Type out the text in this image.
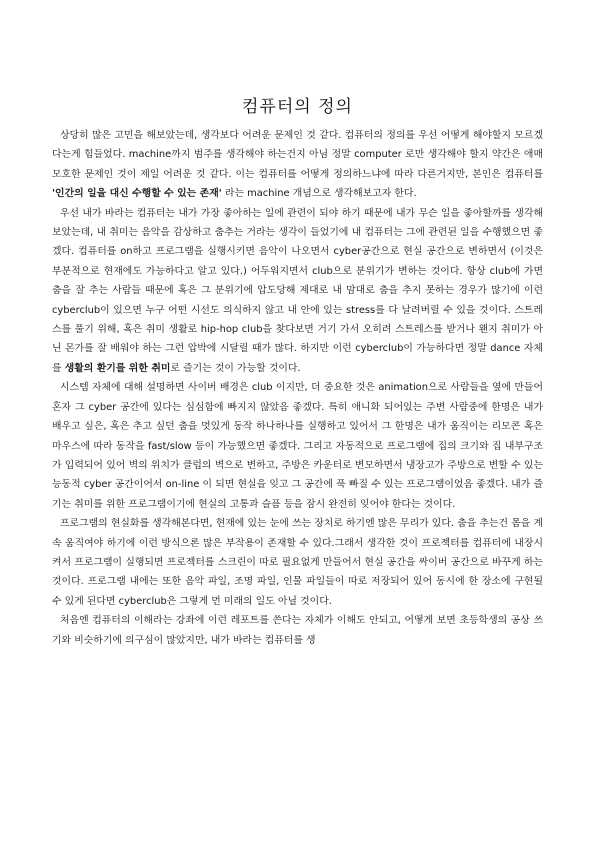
컴퓨터의 정의

상당히 많은 고민을 해보았는데, 생각보다 어려운 문제인 것 같다. 컴퓨터의 정의를 우선 어떻게 해야할지 모르겠다는게 힘들었다. machine까지 범주를 생각해야 하는건지 아님 정말 computer 로만 생각해야 할지 약간은 애매모호한 문제인 것이 제일 어려운 것 같다. 이는 컴퓨터를 어떻게 정의하느냐에 따라 다른거지만, 본인은 컴퓨터를 '인간의 일을 대신 수행할 수 있는 존재' 라는 machine 개념으로 생각해보고자 한다.

우선 내가 바라는 컴퓨터는 내가 가장 좋아하는 일에 관련이 되야 하기 때문에 내가 무슨 일을 좋아할까를 생각해보았는데, 내 취미는 음악을 감상하고 춤추는 거라는 생각이 들었기에 내 컴퓨터는 그에 관련된 일을 수행했으면 좋겠다. 컴퓨터를 on하고 프로그램을 실행시키면 음악이 나오면서 cyber공간으로 현실 공간으로 변하면서 (이것은 부분적으로 현재에도 가능하다고 알고 있다.) 어두워지면서 club으로 분위기가 변하는 것이다. 항상 club에 가면 춤을 잘 추는 사람들 때문에 혹은 그 분위기에 압도당해 제대로 내 맘대로 춤을 추지 못하는 경우가 많기에 이런 cyberclub이 있으면 누구 어떤 시선도 의식하지 않고 내 안에 있는 stress를 다 날려버릴 수 있을 것이다. 스트레스를 풀기 위해, 혹은 취미 생활로 hip-hop club을 찾다보면 거기 가서 오히려 스트레스를 받거나 왠지 취미가 아닌 몬가를 잘 배워야 하는 그런 압박에 시달릴 때가 많다. 하지만 이런 cyberclub이 가능하다면 정말 dance 자체를 생활의 환기를 위한 취미로 즐기는 것이 가능할 것이다.

시스템 자체에 대해 설명하면 사이버 배경은 club 이지만, 더 중요한 것은 animation으로 사람들을 옆에 만들어 혼자 그 cyber 공간에 있다는 심심함에 빠지지 않았음 좋겠다. 특히 애니화 되어있는 주변 사람중에 한명은 내가 배우고 싶은, 혹은 추고 싶던 춤을 멋있게 동작 하나하나를 실행하고 있어서 그 한명은 내가 움직이는 리모콘 혹은 마우스에 따라 동작을 fast/slow 등이 가능했으면 좋겠다. 그리고 자동적으로 프로그램에 집의 크기와 집 내부구조가 입력되어 있어 벽의 위치가 클럽의 벽으로 변하고, 주방은 카운터로 변모하면서 냉장고가 주방으로 변할 수 있는 능동적 cyber 공간이어서 on-line 이 되면 현실을 잊고 그 공간에 푹 빠질 수 있는 프로그램이었음 좋겠다. 내가 즐기는 취미를 위한 프로그램이기에 현실의 고통과 슬픔 등을 잠시 완전히 잊어야 한다는 것이다.

프로그램의 현실화를 생각해본다면, 현재에 있는 눈에 쓰는 장치로 하기엔 많은 무리가 있다. 춤을 추는건 몸을 계속 움직여야 하기에 이런 방식으론 많은 부작용이 존재할 수 있다.그래서 생각한 것이 프로젝터를 컴퓨터에 내장시켜서 프로그램이 실행되면 프로젝터를 스크린이 따로 필요없게 만들어서 현실 공간을 싸이버 공간으로 바꾸게 하는 것이다. 프로그램 내에는 또한 음악 파일, 조명 파일, 인물 파일들이 따로 저장되어 있어 동시에 한 장소에 구현될 수 있게 된다면 cyberclub은 그렇게 먼 미래의 일도 아닐 것이다.

처음엔 컴퓨터의 이해라는 강좌에 이런 레포트를 쓴다는 자체가 이해도 안되고, 어떻게 보면 초등학생의 공상 쓰기와 비슷하기에 의구심이 많았지만, 내가 바라는 컴퓨터를 생
